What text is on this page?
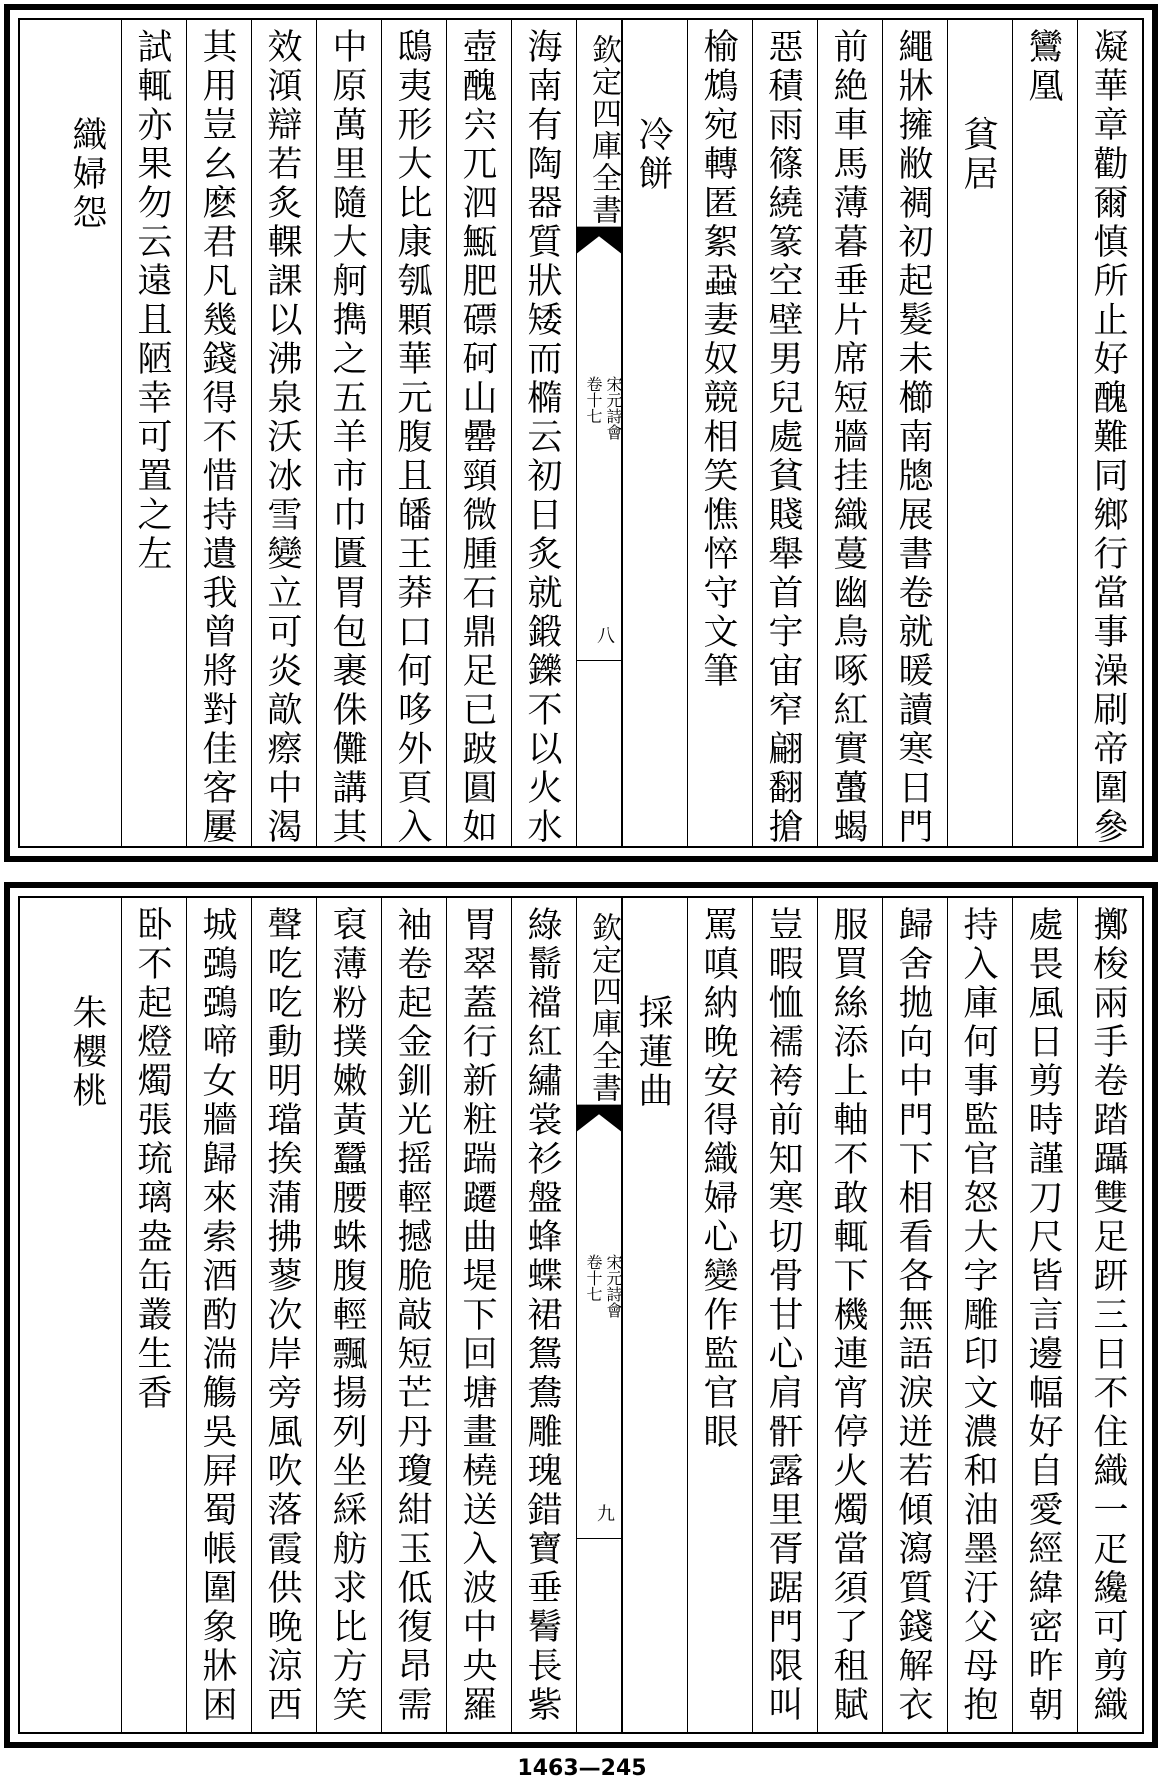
凝華章勸爾慎所止好醜難同鄉行當事澡刷帝圍參
鸞凰
貧居
繩牀擁敝裯初起髮未櫛南牕展書卷就暖讀寒日門
前絶車馬薄暮垂片席短牆挂織蔓幽鳥啄紅實蠆蝎
惡積雨篠繞篆空壁男兒處貧賤舉首宇宙窄翩翻搶
榆鴆宛轉匿絮蝨妻奴競相笑憔悴守文筆
冷餅
欽定四庫全書
宋元詩會
卷十七
八
海南有陶器質狀矮而橢云初日炙就鍛鑠不以火水
壺醜宍兀泗甒肥磦砢山罍頸微腫石鼎足已跛圓如
鴟夷形大比康瓠顆華元腹且皤王莽口何哆外頁入
中原萬里隨大舸擕之五羊市巾匱胃包裹侏儺講其
效澒辯若炙輠課以沸泉沃冰雪變立可炎歊瘵中渴
其用豈幺麽君凡幾錢得不惜持遺我曾將對佳客屢
試輒亦果勿云遠且陋幸可置之左
織婦怨
擲梭兩手卷踏躡雙足趼三日不住織一疋纔可剪織
處畏風日剪時謹刀尺皆言邊幅好自愛經緯密昨朝
持入庫何事監官怒大字雕印文濃和油墨汙父母抱
歸舍拋向中門下相看各無語淚迸若傾瀉質錢解衣
服買絲添上軸不敢輒下機連宵停火燭當須了租賦
豈暇恤襦袴前知寒切骨甘心肩骭露里胥踞門限叫
罵嗔納晚安得織婦心變作監官眼
採蓮曲
欽定四庫全書
宋元詩會
卷十七
九
綠鬋襠紅繡裳衫盤蜂蝶裙鴛鴦雕瑰錯寶垂鬌長紫
胃翠蓋行新粧踹躚曲堤下回塘畫橈送入波中央羅
袖卷起金釧光摇輕撼脆敲短芒丹瓊紺玉低復昂需
裒薄粉撲嫩黃蠶腰蛛腹輕飄揚列坐綵舫求比方笑
聲吃吃動明璫挨蒲拂蓼次岸旁風吹落霞供晚涼西
城鵶鵶啼女牆歸來索酒酌湍觴吳屛蜀帳圍象牀困
卧不起燈燭張琉璃盎缶叢生香
朱櫻桃
1463—245
